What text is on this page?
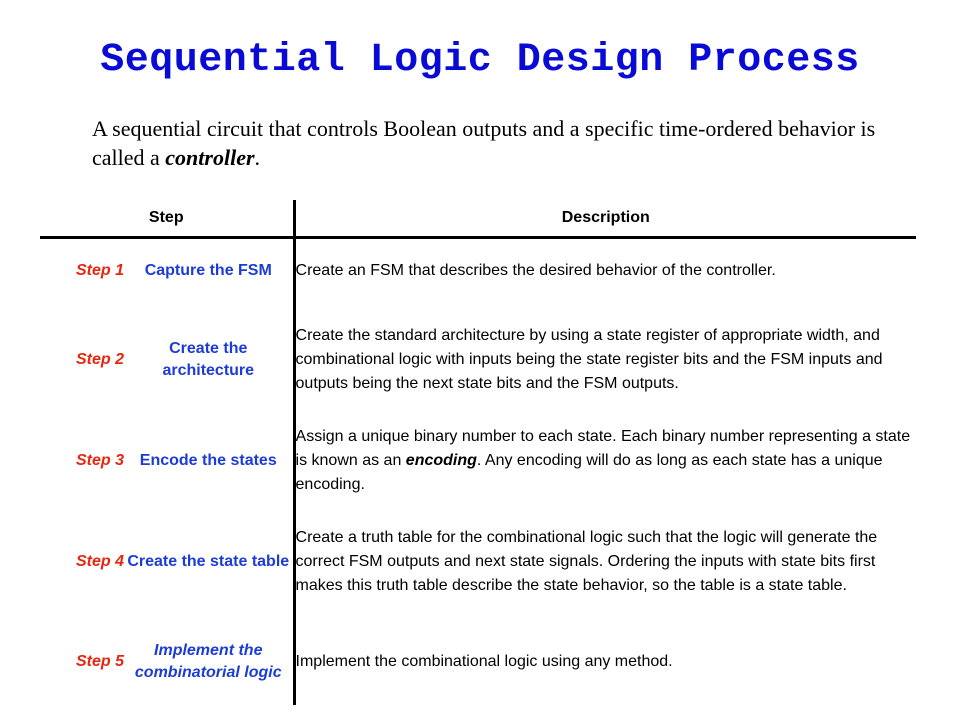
Sequential Logic Design Process

A sequential circuit that controls Boolean outputs and a specific time-ordered behavior is called a controller.

Step		Description
Step 1	Capture the FSM	Create an FSM that describes the desired behavior of the controller.
Step 2	Create the architecture	Create the standard architecture by using a state register of appropriate width, and combinational logic with inputs being the state register bits and the FSM inputs and outputs being the next state bits and the FSM outputs.
Step 3	Encode the states	Assign a unique binary number to each state. Each binary number representing a state is known as an encoding. Any encoding will do as long as each state has a unique encoding.
Step 4	Create the state table	Create a truth table for the combinational logic such that the logic will generate the correct FSM outputs and next state signals. Ordering the inputs with state bits first makes this truth table describe the state behavior, so the table is a state table.
Step 5	Implement the combinatorial logic	Implement the combinational logic using any method.
